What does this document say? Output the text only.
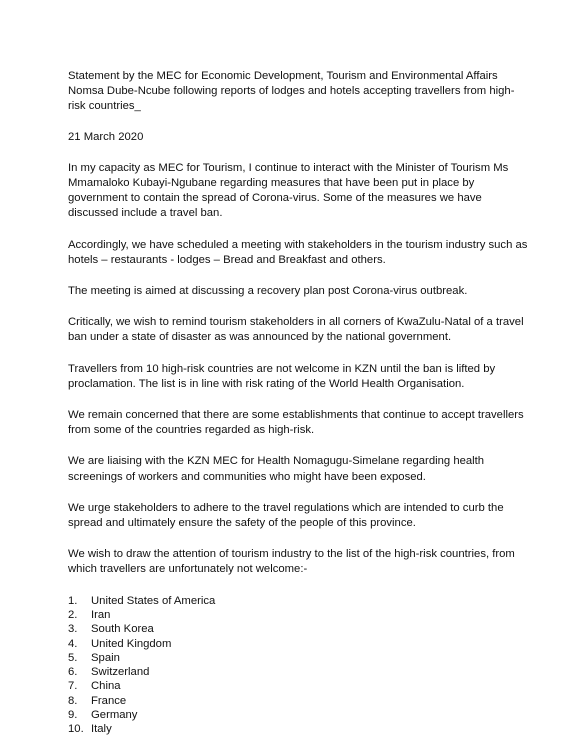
Statement by the MEC for Economic Development, Tourism and Environmental Affairs Nomsa Dube-Ncube following reports of lodges and hotels accepting travellers from high-risk countries_

21 March 2020

In my capacity as MEC for Tourism, I continue to interact with the Minister of Tourism Ms Mmamaloko Kubayi-Ngubane regarding measures that have been put in place by government to contain the spread of Corona-virus. Some of the measures we have discussed include a travel ban.

Accordingly, we have scheduled a meeting with stakeholders in the tourism industry such as hotels – restaurants - lodges – Bread and Breakfast and others.

The meeting is aimed at discussing a recovery plan post Corona-virus outbreak.

Critically, we wish to remind tourism stakeholders in all corners of KwaZulu-Natal of a travel ban under a state of disaster as was announced by the national government.

Travellers from 10 high-risk countries are not welcome in KZN until the ban is lifted by proclamation. The list is in line with risk rating of the World Health Organisation.

We remain concerned that there are some establishments that continue to accept travellers from some of the countries regarded as high-risk.

We are liaising with the KZN MEC for Health Nomagugu-Simelane regarding health screenings of workers and communities who might have been exposed.

We urge stakeholders to adhere to the travel regulations which are intended to curb the spread and ultimately ensure the safety of the people of this province.

We wish to draw the attention of tourism industry to the list of the high-risk countries, from which travellers are unfortunately not welcome:-

1.	United States of America
2.	Iran
3.	South Korea
4.	United Kingdom
5.	Spain
6.	Switzerland
7.	China
8.	France
9.	Germany
10. Italy
